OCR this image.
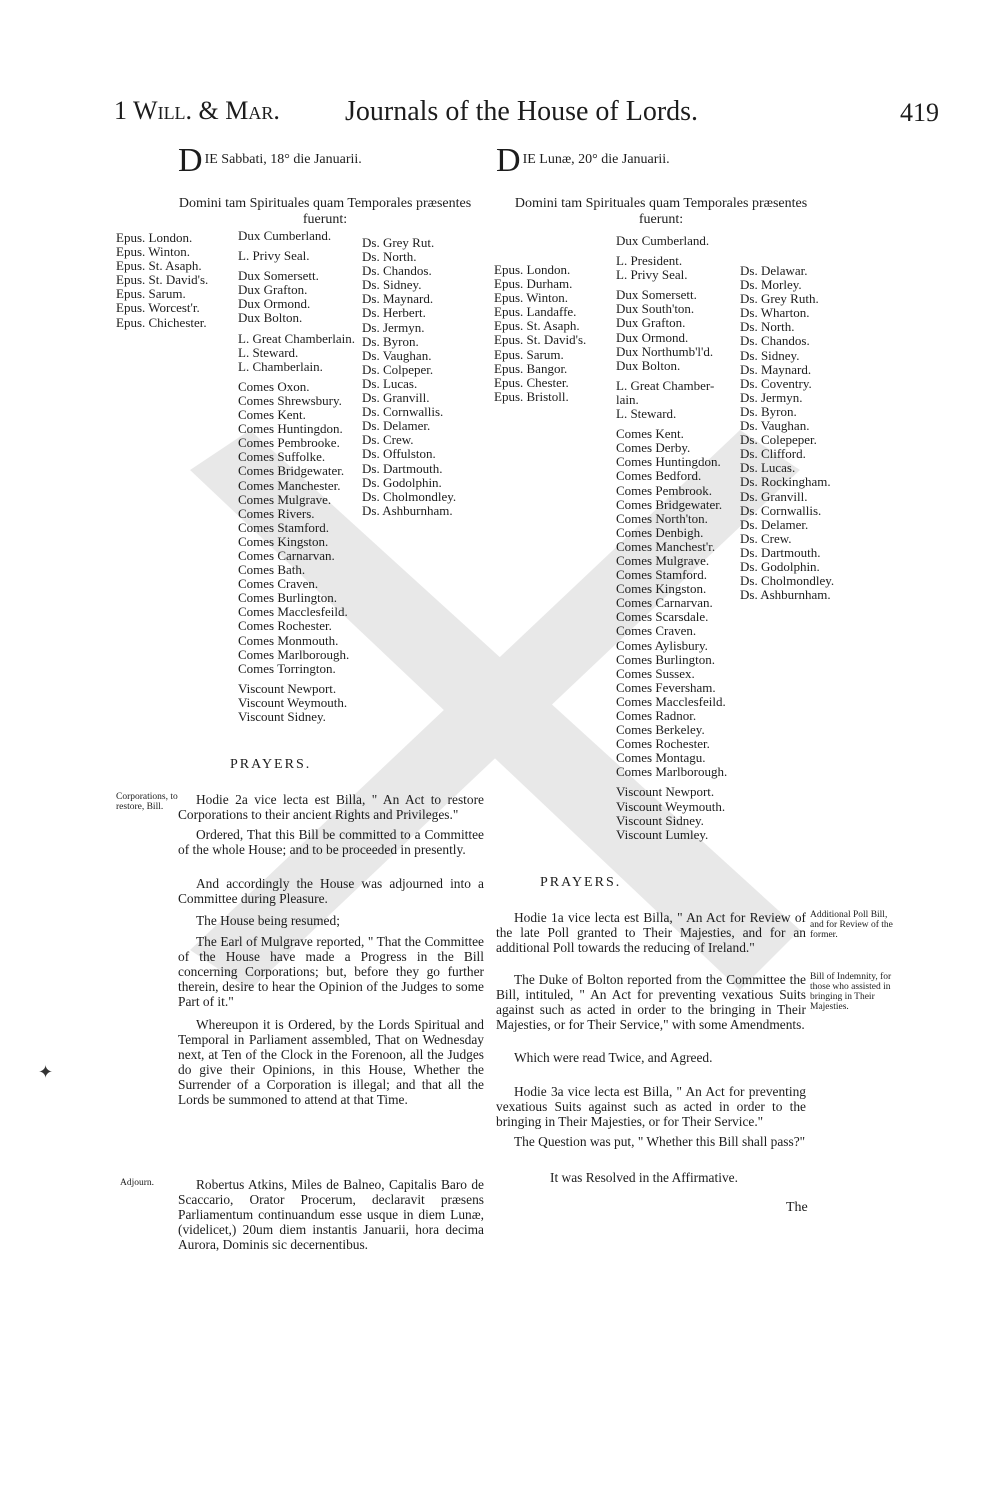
1 Will. & Mar. Journals of the House of Lords.	419
DIE Sabbati, 18° die Januarii.
Domini tam Spirituales quam Temporales præsentes fuerunt:
Epus. London.
Epus. Winton.
Epus. St. Asaph.
Epus. St. David's.
Epus. Sarum.
Epus. Worcest'r.
Epus. Chichester.
Dux Cumberland.
L. Privy Seal.
Dux Somersett.
Dux Grafton.
Dux Ormond.
Dux Bolton.
L. Great Chamberlain.
L. Steward.
L. Chamberlain.
Comes Oxon.
Comes Shrewsbury.
Comes Kent.
Comes Huntingdon.
Comes Pembrooke.
Comes Suffolke.
Comes Bridgewater.
Comes Manchester.
Comes Mulgrave.
Comes Rivers.
Comes Stamford.
Comes Kingston.
Comes Carnarvan.
Comes Bath.
Comes Craven.
Comes Burlington.
Comes Macclesfeild.
Comes Rochester.
Comes Monmouth.
Comes Marlborough.
Comes Torrington.
Viscount Newport.
Viscount Weymouth.
Viscount Sidney.
Ds. Grey Rut.
Ds. North.
Ds. Chandos.
Ds. Sidney.
Ds. Maynard.
Ds. Herbert.
Ds. Jermyn.
Ds. Byron.
Ds. Vaughan.
Ds. Colpeper.
Ds. Lucas.
Ds. Granvill.
Ds. Cornwallis.
Ds. Delamer.
Ds. Crew.
Ds. Offulston.
Ds. Dartmouth.
Ds. Godolphin.
Ds. Cholmondley.
Ds. Ashburnham.
PRAYERS.
Corporations, to restore, Bill.	Hodie 2a vice lecta est Billa, " An Act to restore Corporations to their ancient Rights and Privileges."
Ordered, That this Bill be committed to a Committee of the whole House; and to be proceeded in presently.
And accordingly the House was adjourned into a Committee during Pleasure.
The House being resumed;
The Earl of Mulgrave reported, " That the Committee of the House have made a Progress in the Bill concerning Corporations; but, before they go further therein, desire to hear the Opinion of the Judges to some Part of it."
Whereupon it is Ordered, by the Lords Spiritual and Temporal in Parliament assembled, That on Wednesday next, at Ten of the Clock in the Forenoon, all the Judges do give their Opinions, in this House, Whether the Surrender of a Corporation is illegal; and that all the Lords be summoned to attend at that Time.
Adjourn.	Robertus Atkins, Miles de Balneo, Capitalis Baro de Scaccario, Orator Procerum, declaravit præsens Parliamentum continuandum esse usque in diem Lunæ, (videlicet,) 20um diem instantis Januarii, hora decima Aurora, Dominis sic decernentibus.
✦
DIE Lunæ, 20° die Januarii.
Domini tam Spirituales quam Temporales præsentes fuerunt:
Epus. London.
Epus. Durham.
Epus. Winton.
Epus. Landaffe.
Epus. St. Asaph.
Epus. St. David's.
Epus. Sarum.
Epus. Bangor.
Epus. Chester.
Epus. Bristoll.
Dux Cumberland.
L. President.
L. Privy Seal.
Dux Somersett.
Dux South'ton.
Dux Grafton.
Dux Ormond.
Dux Northumb'l'd.
Dux Bolton.
L. Great Chamber-
lain.
L. Steward.
Comes Kent.
Comes Derby.
Comes Huntingdon.
Comes Bedford.
Comes Pembrook.
Comes Bridgewater.
Comes North'ton.
Comes Denbigh.
Comes Manchest'r.
Comes Mulgrave.
Comes Stamford.
Comes Kingston.
Comes Carnarvan.
Comes Scarsdale.
Comes Craven.
Comes Aylisbury.
Comes Burlington.
Comes Sussex.
Comes Feversham.
Comes Macclesfeild.
Comes Radnor.
Comes Berkeley.
Comes Rochester.
Comes Montagu.
Comes Marlborough.
Viscount Newport.
Viscount Weymouth.
Viscount Sidney.
Viscount Lumley.
Ds. Delawar.
Ds. Morley.
Ds. Grey Ruth.
Ds. Wharton.
Ds. North.
Ds. Chandos.
Ds. Sidney.
Ds. Maynard.
Ds. Coventry.
Ds. Jermyn.
Ds. Byron.
Ds. Vaughan.
Ds. Colepeper.
Ds. Clifford.
Ds. Lucas.
Ds. Rockingham.
Ds. Granvill.
Ds. Cornwallis.
Ds. Delamer.
Ds. Crew.
Ds. Dartmouth.
Ds. Godolphin.
Ds. Cholmondley.
Ds. Ashburnham.
PRAYERS.
Hodie 1a vice lecta est Billa, " An Act for Review of the late Poll granted to Their Majesties, and for an additional Poll towards the reducing of Ireland."
Additional Poll Bill, and for Review of the former.
The Duke of Bolton reported from the Committee the Bill, intituled, " An Act for preventing vexatious Suits against such as acted in order to the bringing in Their Majesties, or for Their Service," with some Amendments.
Bill of Indemnity, for those who assisted in bringing in Their Majesties.
Which were read Twice, and Agreed.
Hodie 3a vice lecta est Billa, " An Act for preventing vexatious Suits against such as acted in order to the bringing in Their Majesties, or for Their Service."
The Question was put, " Whether this Bill shall pass?"
It was Resolved in the Affirmative.
The
